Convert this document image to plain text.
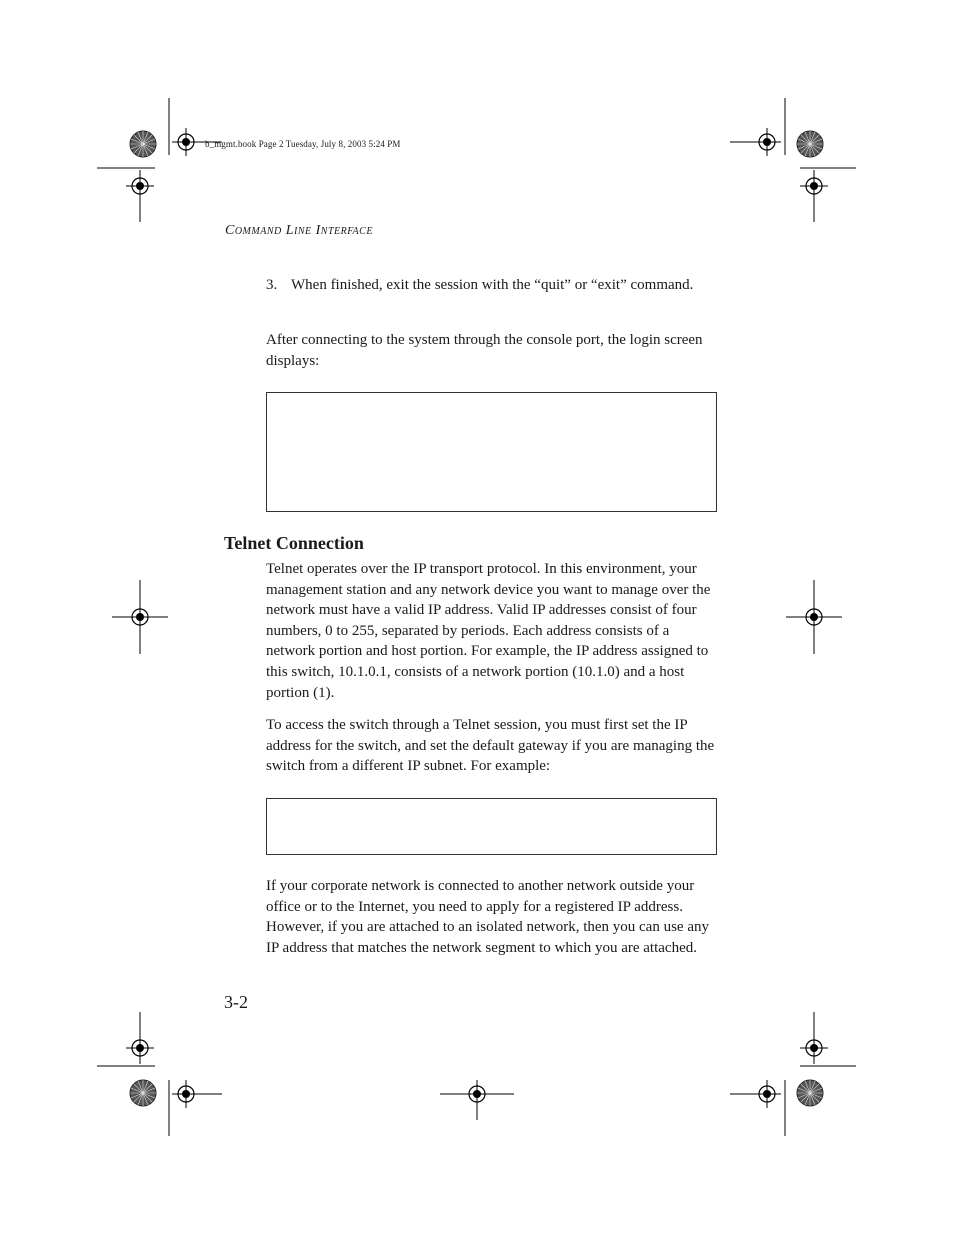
b_mgmt.book Page 2 Tuesday, July 8, 2003 5:24 PM
Command Line Interface
3. When finished, exit the session with the “quit” or “exit” command.
After connecting to the system through the console port, the login screen displays:
Telnet Connection
Telnet operates over the IP transport protocol. In this environment, your management station and any network device you want to manage over the network must have a valid IP address. Valid IP addresses consist of four numbers, 0 to 255, separated by periods. Each address consists of a network portion and host portion. For example, the IP address assigned to this switch, 10.1.0.1, consists of a network portion (10.1.0) and a host portion (1).
To access the switch through a Telnet session, you must first set the IP address for the switch, and set the default gateway if you are managing the switch from a different IP subnet. For example:
If your corporate network is connected to another network outside your office or to the Internet, you need to apply for a registered IP address. However, if you are attached to an isolated network, then you can use any IP address that matches the network segment to which you are attached.
3-2
